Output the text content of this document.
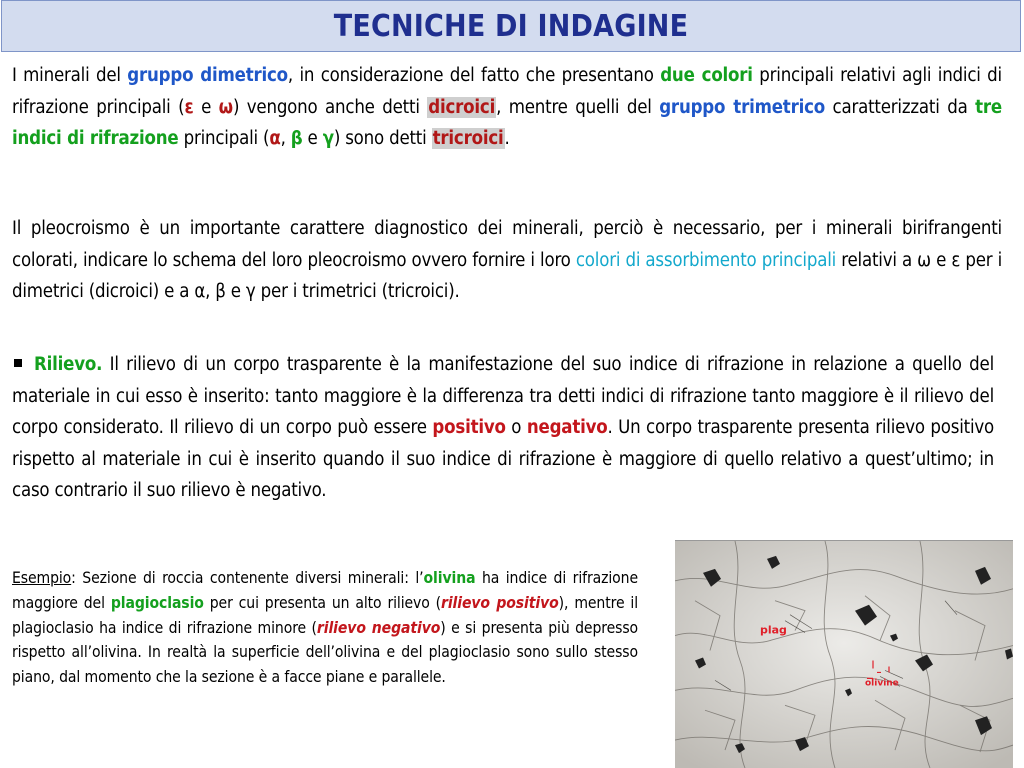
TECNICHE DI INDAGINE

I minerali del gruppo dimetrico, in considerazione del fatto che presentano due colori principali relativi agli indici di rifrazione principali (ε e ω) vengono anche detti dicroici, mentre quelli del gruppo trimetrico caratterizzati da tre indici di rifrazione principali (α, β e γ) sono detti tricroici.

Il pleocroismo è un importante carattere diagnostico dei minerali, perciò è necessario, per i minerali birifrangenti colorati, indicare lo schema del loro pleocroismo ovvero fornire i loro colori di assorbimento principali relativi a ω e ε per i dimetrici (dicroici) e a α, β e γ per i trimetrici (tricroici).

Rilievo. Il rilievo di un corpo trasparente è la manifestazione del suo indice di rifrazione in relazione a quello del materiale in cui esso è inserito: tanto maggiore è la differenza tra detti indici di rifrazione tanto maggiore è il rilievo del corpo considerato. Il rilievo di un corpo può essere positivo o negativo. Un corpo trasparente presenta rilievo positivo rispetto al materiale in cui è inserito quando il suo indice di rifrazione è maggiore di quello relativo a quest’ultimo; in caso contrario il suo rilievo è negativo.

Esempio: Sezione di roccia contenente diversi minerali: l’olivina ha indice di rifrazione maggiore del plagioclasio per cui presenta un alto rilievo (rilievo positivo), mentre il plagioclasio ha indice di rifrazione minore (rilievo negativo) e si presenta più depresso rispetto all’olivina. In realtà la superficie dell’olivina e del plagioclasio sono sullo stesso piano, dal momento che la sezione è a facce piane e parallele.

plag
olivine
